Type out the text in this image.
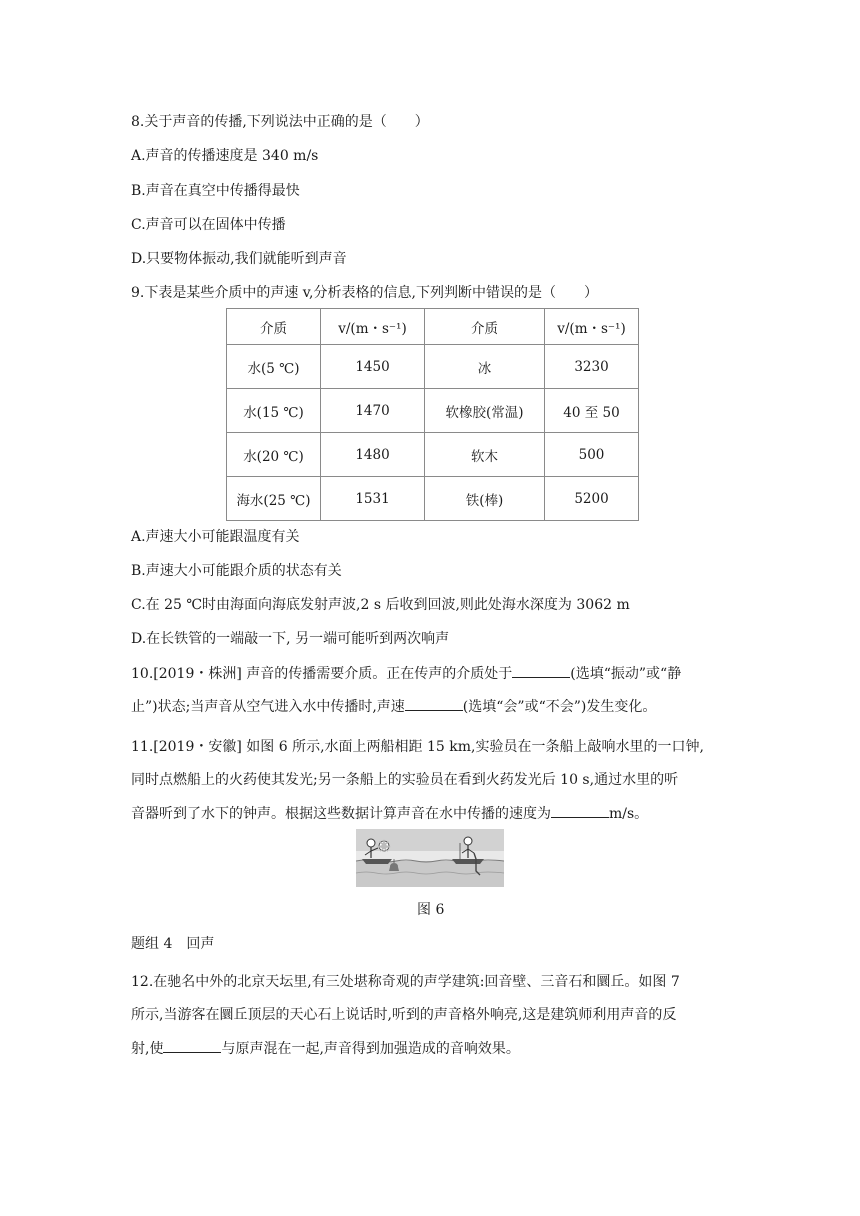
8.关于声音的传播,下列说法中正确的是（　　）
A.声音的传播速度是 340 m/s
B.声音在真空中传播得最快
C.声音可以在固体中传播
D.只要物体振动,我们就能听到声音
9.下表是某些介质中的声速 v,分析表格的信息,下列判断中错误的是（　　）
介质	v/(m・s⁻¹)	介质	v/(m・s⁻¹)
水(5 ℃)	1450	冰	3230
水(15 ℃)	1470	软橡胶(常温)	40 至 50
水(20 ℃)	1480	软木	500
海水(25 ℃)	1531	铁(棒)	5200
A.声速大小可能跟温度有关
B.声速大小可能跟介质的状态有关
C.在 25 ℃时由海面向海底发射声波,2 s 后收到回波,则此处海水深度为 3062 m
D.在长铁管的一端敲一下, 另一端可能听到两次响声
10.[2019・株洲] 声音的传播需要介质。正在传声的介质处于	(选填“振动”或“静
止”)状态;当声音从空气进入水中传播时,声速	(选填“会”或“不会”)发生变化。
11.[2019・安徽] 如图 6 所示,水面上两船相距 15 km,实验员在一条船上敲响水里的一口钟,
同时点燃船上的火药使其发光;另一条船上的实验员在看到火药发光后 10 s,通过水里的听
音器听到了水下的钟声。根据这些数据计算声音在水中传播的速度为	m/s。
图 6
题组 4　回声
12.在驰名中外的北京天坛里,有三处堪称奇观的声学建筑:回音壁、三音石和圜丘。如图 7
所示,当游客在圜丘顶层的天心石上说话时,听到的声音格外响亮,这是建筑师利用声音的反
射,使	与原声混在一起,声音得到加强造成的音响效果。
